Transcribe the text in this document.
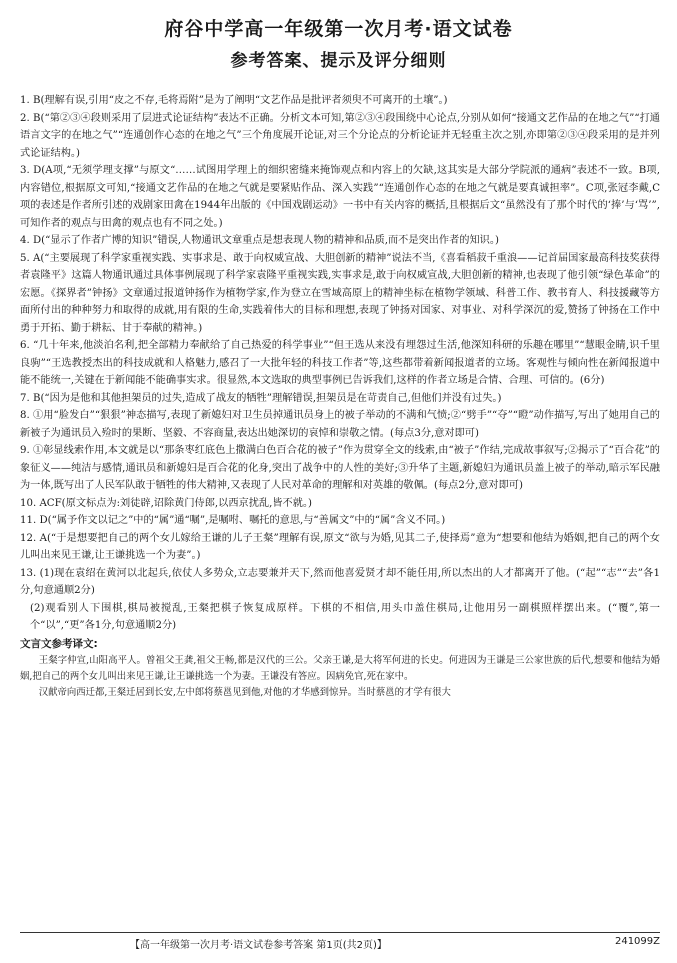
府谷中学高一年级第一次月考·语文试卷
参考答案、提示及评分细则

1. B(理解有误,引用“皮之不存,毛将焉附”是为了阐明“文艺作品是批评者须臾不可离开的土壤”。)

2. B(“第②③④段则采用了层进式论证结构”表达不正确。分析文本可知,第②③④段围绕中心论点,分别从如何“接通文艺作品的在地之气”“打通语言文字的在地之气”“连通创作心态的在地之气”三个角度展开论证,对三个分论点的分析论证并无轻重主次之别,亦即第②③④段采用的是并列式论证结构。)

3. D(A项,“无须学理支撑”与原文“……试图用学理上的细织密缝来掩饰观点和内容上的欠缺,这其实是大部分学院派的通病”表述不一致。B项,内容错位,根据原文可知,“接通文艺作品的在地之气就是要紧贴作品、深入实践”“连通创作心态的在地之气就是要真诚担率”。C项,张冠李戴,C项的表述是作者所引述的戏剧家田禽在1944年出版的《中国戏剧运动》一书中有关内容的概括,且根据后文“虽然没有了那个时代的‘捧’与‘骂’”,可知作者的观点与田禽的观点也有不同之处。)

4. D(“显示了作者广博的知识”错误,人物通讯文章重点是想表现人物的精神和品质,而不是突出作者的知识。)

5. A(“主要展现了科学家重视实践、实事求是、敢于向权威宣战、大胆创新的精神”说法不当,《喜看稻菽千重浪——记首届国家最高科技奖获得者袁隆平》这篇人物通讯通过具体事例展现了科学家袁隆平重视实践,实事求是,敢于向权威宣战,大胆创新的精神,也表现了他引领“绿色革命”的宏愿。《探界者”钟扬》文章通过报道钟扬作为植物学家,作为登立在雪域高原上的精神坐标在植物学领域、科普工作、教书育人、科技援藏等方面所付出的种种努力和取得的成就,用有限的生命,实践着伟大的目标和理想,表现了钟扬对国家、对事业、对科学深沉的爱,赞扬了钟扬在工作中勇于开拓、勤于耕耘、甘于奉献的精神。)

6. “几十年来,他淡泊名利,把全部精力奉献给了自己热爱的科学事业”“但王选从来没有埋怨过生活,他深知科研的乐趣在哪里”“慧眼金睛,识千里良驹”“王选教授杰出的科技成就和人格魅力,感召了一大批年轻的科技工作者”等,这些都带着新闻报道者的立场。客观性与倾向性在新闻报道中能不能统一,关键在于新闻能不能确事实求。很显然,本文选取的典型事例已告诉我们,这样的作者立场是合情、合理、可信的。(6分)

7. B(“因为是他和其他担架员的过失,造成了战友的牺牲”理解错误,担架员是在苛责自己,但他们并没有过失。)

8. ①用“脸发白”“狠狠”神态描写,表现了新媳妇对卫生员掉通讯员身上的被子举动的不满和气愤;②“劈手”“夺”“瞪”动作描写,写出了她用自己的新被子为通讯员入殓时的果断、坚毅、不容商量,表达出她深切的哀悼和崇敬之情。(每点3分,意对即可)

9. ①彰显线索作用,本文就是以“那条枣红底色上撒满白色百合花的被子”作为贯穿全文的线索,由“被子”作结,完成故事叙写;②揭示了“百合花”的象征义——纯洁与感情,通讯员和新媳妇是百合花的化身,突出了战争中的人性的美好;③升华了主题,新媳妇为通讯员盖上被子的举动,暗示军民融为一体,既写出了人民军队敢于牺牲的伟大精神,又表现了人民对革命的理解和对英雄的敬佩。(每点2分,意对即可)

10. ACF(原文标点为:刘徒辟,诏除黄门侍郎,以西京扰乱,皆不就。)

11. D(“属予作文以记之”中的“属”通“嘱”,是嘱咐、嘱托的意思,与“善属文”中的“属”含义不同。)

12. A(“于是想要把自己的两个女儿嫁给王谦的儿子王粲”理解有误,原文“欲与为婚,见其二子,使择焉”意为“想要和他结为婚姻,把自己的两个女儿叫出来见王谦,让王谦挑选一个为妻”。)

13. (1)现在袁绍在黄河以北起兵,依仗人多势众,立志要兼并天下,然而他喜爱贤才却不能任用,所以杰出的人才都离开了他。(“起”“志”“去”各1分,句意通顺2分)

(2)观看别人下围棋,棋局被搅乱,王粲把棋子恢复成原样。下棋的不相信,用头巾盖住棋局,让他用另一副棋照样摆出来。(“覆”,第一个“以”,“更”各1分,句意通顺2分)

文言文参考译文:

王粲字仲宣,山阳高平人。曾祖父王龚,祖父王畅,都是汉代的三公。父亲王谦,是大将军何进的长史。何进因为王谦是三公家世族的后代,想要和他结为婚姻,把自己的两个女儿叫出来见王谦,让王谦挑选一个为妻。王谦没有答应。因病免官,死在家中。

汉献帝向西迁都,王粲迁居到长安,左中郎将蔡邕见到他,对他的才华感到惊异。当时蔡邕的才学有很大

【高一年级第一次月考·语文试卷参考答案 第1页(共2页)】	241099Z
